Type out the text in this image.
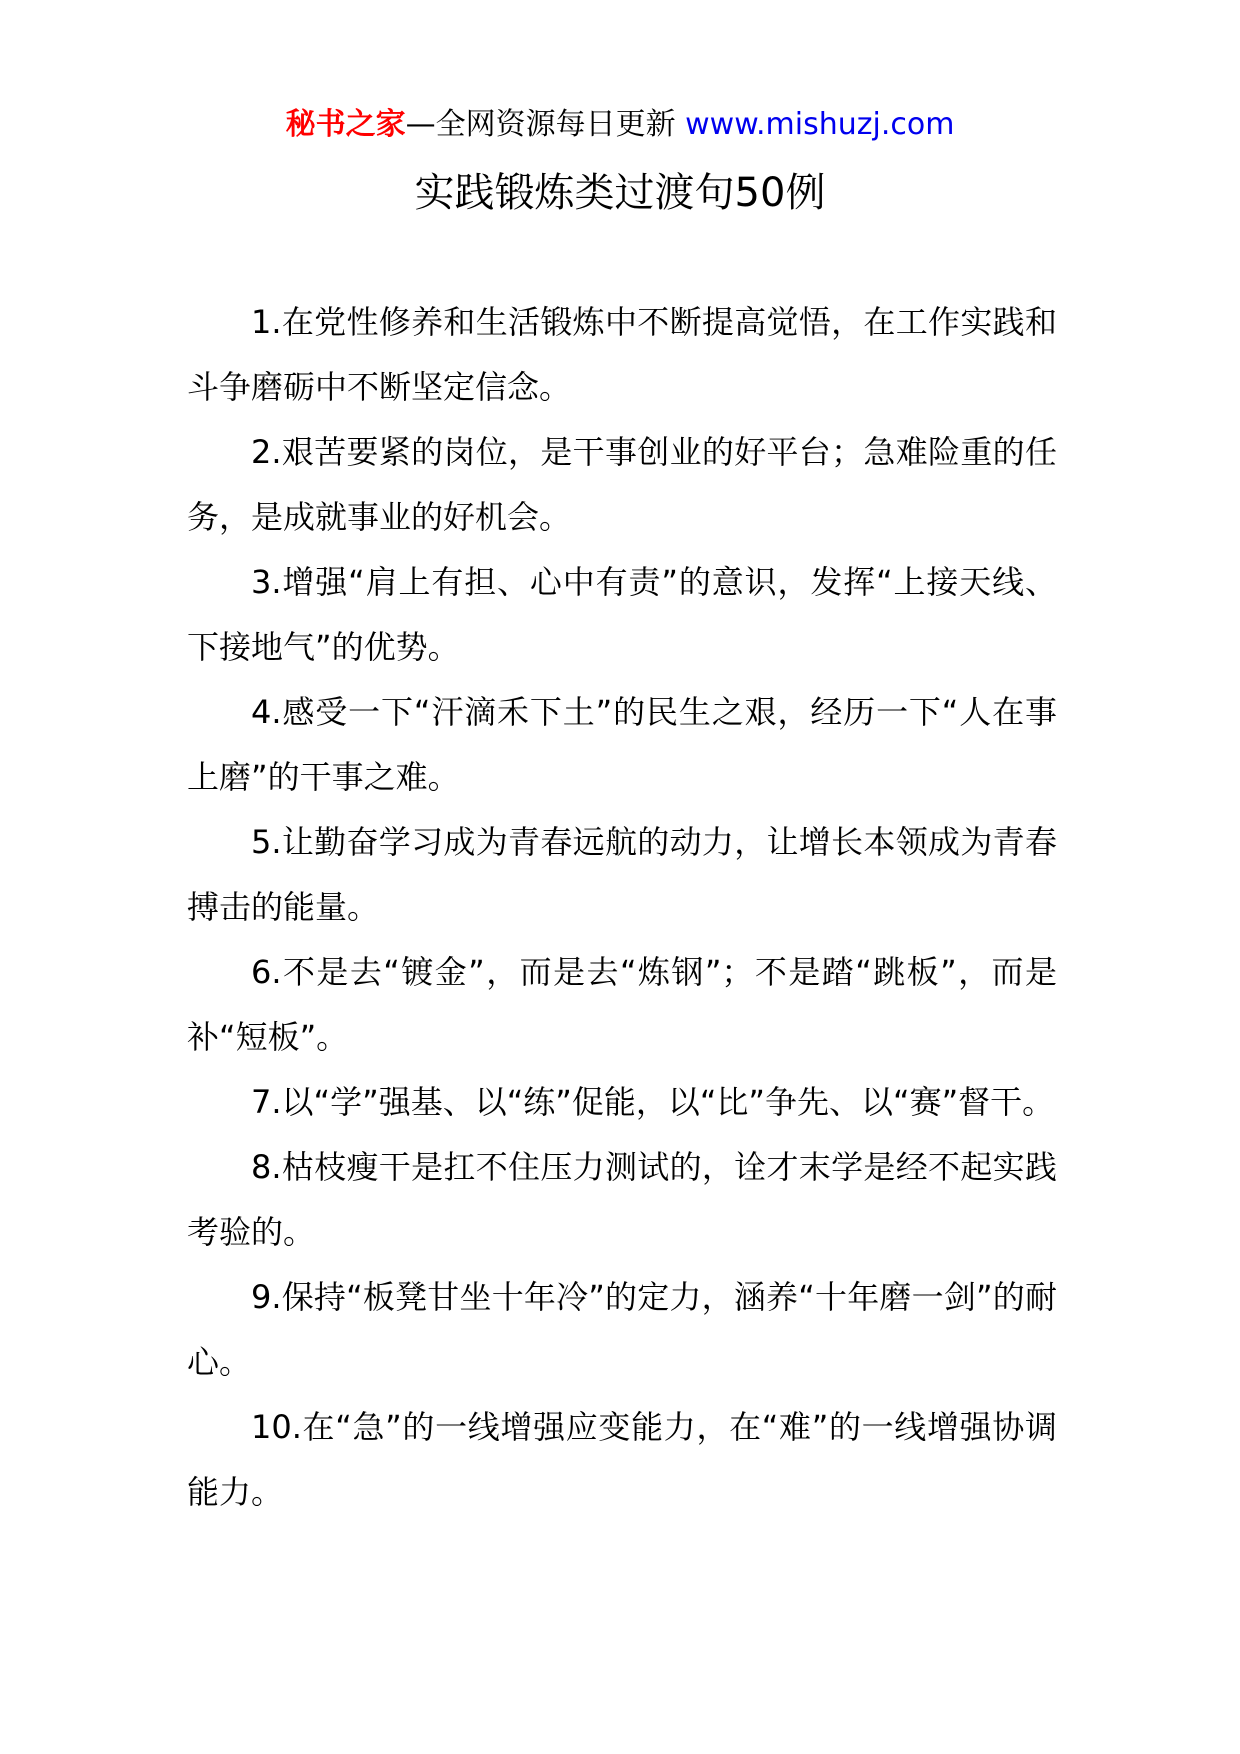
秘书之家—全网资源每日更新 www.mishuzj.com
实践锻炼类过渡句50例

1.在党性修养和生活锻炼中不断提高觉悟，在工作实践和斗争磨砺中不断坚定信念。

2.艰苦要紧的岗位，是干事创业的好平台；急难险重的任务，是成就事业的好机会。

3.增强“肩上有担、心中有责”的意识，发挥“上接天线、下接地气”的优势。

4.感受一下“汗滴禾下土”的民生之艰，经历一下“人在事上磨”的干事之难。

5.让勤奋学习成为青春远航的动力，让增长本领成为青春搏击的能量。

6.不是去“镀金”，而是去“炼钢”；不是踏“跳板”，而是补“短板”。

7.以“学”强基、以“练”促能，以“比”争先、以“赛”督干。

8.枯枝瘦干是扛不住压力测试的，诠才末学是经不起实践考验的。

9.保持“板凳甘坐十年冷”的定力，涵养“十年磨一剑”的耐心。

10.在“急”的一线增强应变能力，在“难”的一线增强协调能力。
